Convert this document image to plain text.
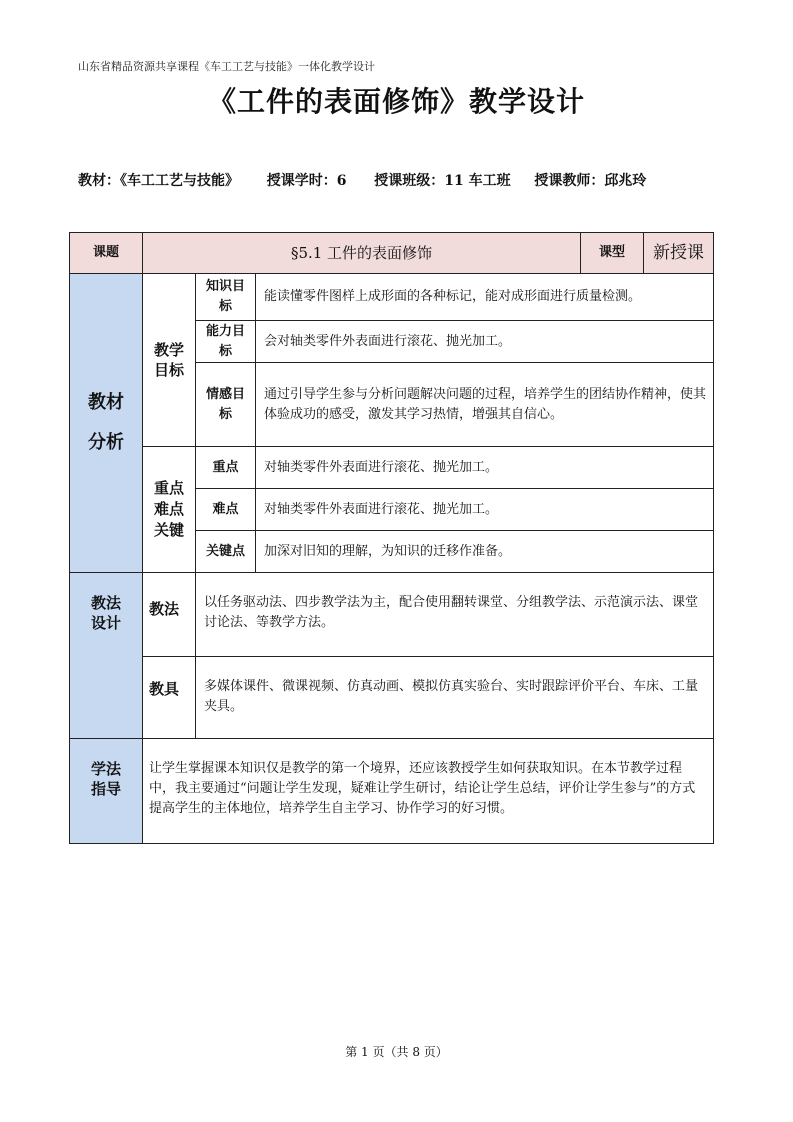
山东省精品资源共享课程《车工工艺与技能》一体化教学设计
《工件的表面修饰》教学设计
教材：《车工工艺与技能》 授课学时：6 授课班级：11 车工班 授课教师：邱兆玲
课题	§5.1 工件的表面修饰			课型	新授课

教材
分析	教学目标	知识目标	能读懂零件图样上成形面的各种标记，能对成形面进行质量检测。		
		能力目标	会对轴类零件外表面进行滚花、抛光加工。		
		情感目标	通过引导学生参与分析问题解决问题的过程，培养学生的团结协作精神，使其体验成功的感受，激发其学习热情，增强其自信心。		
	重点难点关键	重点	对轴类零件外表面进行滚花、抛光加工。		
		难点	对轴类零件外表面进行滚花、抛光加工。		
		关键点	加深对旧知的理解，为知识的迁移作准备。		
教法设计	教法	以任务驱动法、四步教学法为主，配合使用翻转课堂、分组教学法、示范演示法、课堂讨论法、等教学方法。			
	教具	多媒体课件、微课视频、仿真动画、模拟仿真实验台、实时跟踪评价平台、车床、工量夹具。			
学法指导	让学生掌握课本知识仅是教学的第一个境界，还应该教授学生如何获取知识。在本节教学过程中，我主要通过“问题让学生发现，疑难让学生研讨，结论让学生总结，评价让学生参与”的方式提高学生的主体地位，培养学生自主学习、协作学习的好习惯。				
第 1 页（共 8 页）
